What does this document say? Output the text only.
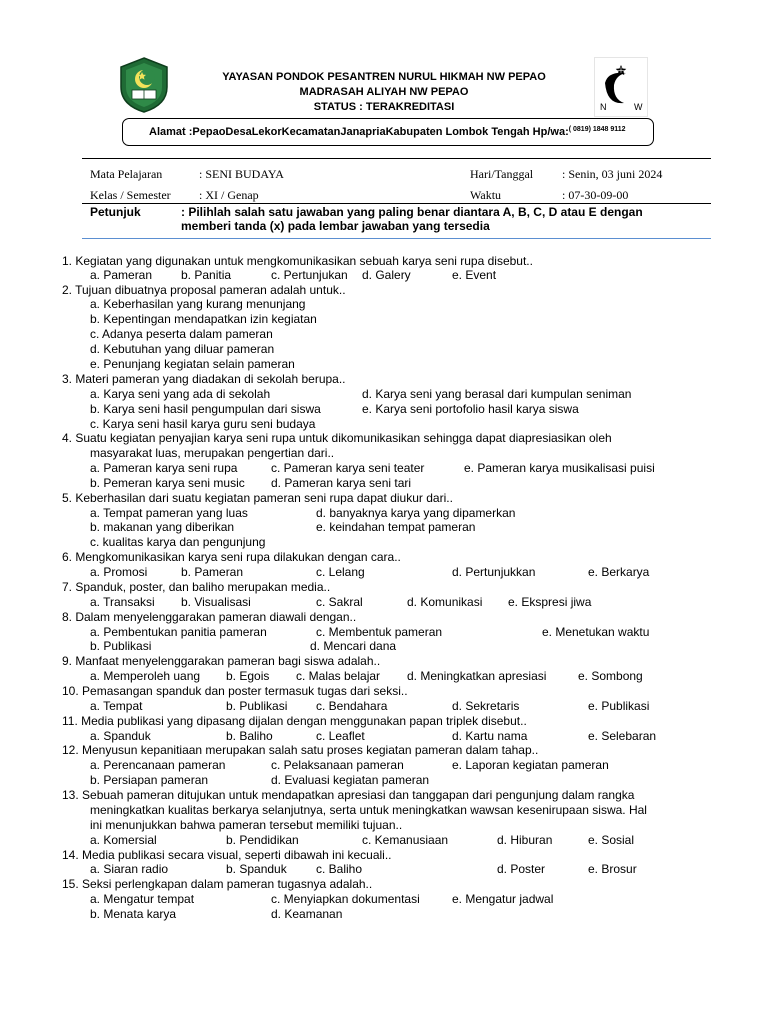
YAYASAN PONDOK PESANTREN NURUL HIKMAH NW PEPAO
MADRASAH ALIYAH NW PEPAO
STATUS : TERAKREDITASI	N	W
Alamat :PepaoDesaLekorKecamatanJanapriaKabupaten Lombok Tengah Hp/wa:$^{( 0819) 1848 9112}$
Mata Pelajaran	: SENI BUDAYA	Hari/Tanggal : Senin, 03 juni 2024
Kelas / Semester : XI / Genap	Waktu	: 07-30-09-00
Petunjuk	: Pilihlah salah satu jawaban yang paling benar diantara A, B, C, D atau E dengan memberi tanda (x) pada lembar jawaban yang tersedia
1. Kegiatan yang digunakan untuk mengkomunikasikan sebuah karya seni rupa disebut..
a. Pameran b. Panitia	c. Pertunjukan d. Galery	e. Event
2. Tujuan dibuatnya proposal pameran adalah untuk..
a. Keberhasilan yang kurang menunjang
b. Kepentingan mendapatkan izin kegiatan
c. Adanya peserta dalam pameran
d. Kebutuhan yang diluar pameran
e. Penunjang kegiatan selain pameran
3. Materi pameran yang diadakan di sekolah berupa..
a. Karya seni yang ada di sekolah	d. Karya seni yang berasal dari kumpulan seniman
b. Karya seni hasil pengumpulan dari siswa	e. Karya seni portofolio hasil karya siswa
c. Karya seni hasil karya guru seni budaya
4. Suatu kegiatan penyajian karya seni rupa untuk dikomunikasikan sehingga dapat diapresiasikan oleh
masyarakat luas, merupakan pengertian dari..
a. Pameran karya seni rupa	c. Pameran karya seni teater	e. Pameran karya musikalisasi puisi
b. Pemeran karya seni music d. Pameran karya seni tari
5. Keberhasilan dari suatu kegiatan pameran seni rupa dapat diukur dari..
a. Tempat pameran yang luas	d. banyaknya karya yang dipamerkan
b. makanan yang diberikan	e. keindahan tempat pameran
c. kualitas karya dan pengunjung
6. Mengkomunikasikan karya seni rupa dilakukan dengan cara..
a. Promosi	b. Pameran	c. Lelang	d. Pertunjukkan	e. Berkarya
7. Spanduk, poster, dan baliho merupakan media..
a. Transaksi b. Visualisasi	c. Sakral	d. Komunikasi e. Ekspresi jiwa
8. Dalam menyelenggarakan pameran diawali dengan..
a. Pembentukan panitia pameran	c. Membentuk pameran	e. Menetukan waktu
b. Publikasi	d. Mencari dana
9. Manfaat menyelenggarakan pameran bagi siswa adalah..
a. Memperoleh uang b. Egois c. Malas belajar d. Meningkatkan apresiasi	e. Sombong
10. Pemasangan spanduk dan poster termasuk tugas dari seksi..
a. Tempat	b. Publikasi c. Bendahara	d. Sekretaris	e. Publikasi
11. Media publikasi yang dipasang dijalan dengan menggunakan papan triplek disebut..
a. Spanduk	b. Baliho	c. Leaflet	d. Kartu nama	e. Selebaran
12. Menyusun kepanitiaan merupakan salah satu proses kegiatan pameran dalam tahap..
a. Perencanaan pameran	c. Pelaksanaan pameran	e. Laporan kegiatan pameran
b. Persiapan pameran	d. Evaluasi kegiatan pameran
13. Sebuah pameran ditujukan untuk mendapatkan apresiasi dan tanggapan dari pengunjung dalam rangka
meningkatkan kualitas berkarya selanjutnya, serta untuk meningkatkan wawsan kesenirupaan siswa. Hal
ini menunjukkan bahwa pameran tersebut memiliki tujuan..
a. Komersial	b. Pendidikan	c. Kemanusiaan	d. Hiburan	e. Sosial
14. Media publikasi secara visual, seperti dibawah ini kecuali..
a. Siaran radio	b. Spanduk c. Baliho	d. Poster	e. Brosur
15. Seksi perlengkapan dalam pameran tugasnya adalah..
a. Mengatur tempat	c. Menyiapkan dokumentasi	e. Mengatur jadwal
b. Menata karya	d. Keamanan
